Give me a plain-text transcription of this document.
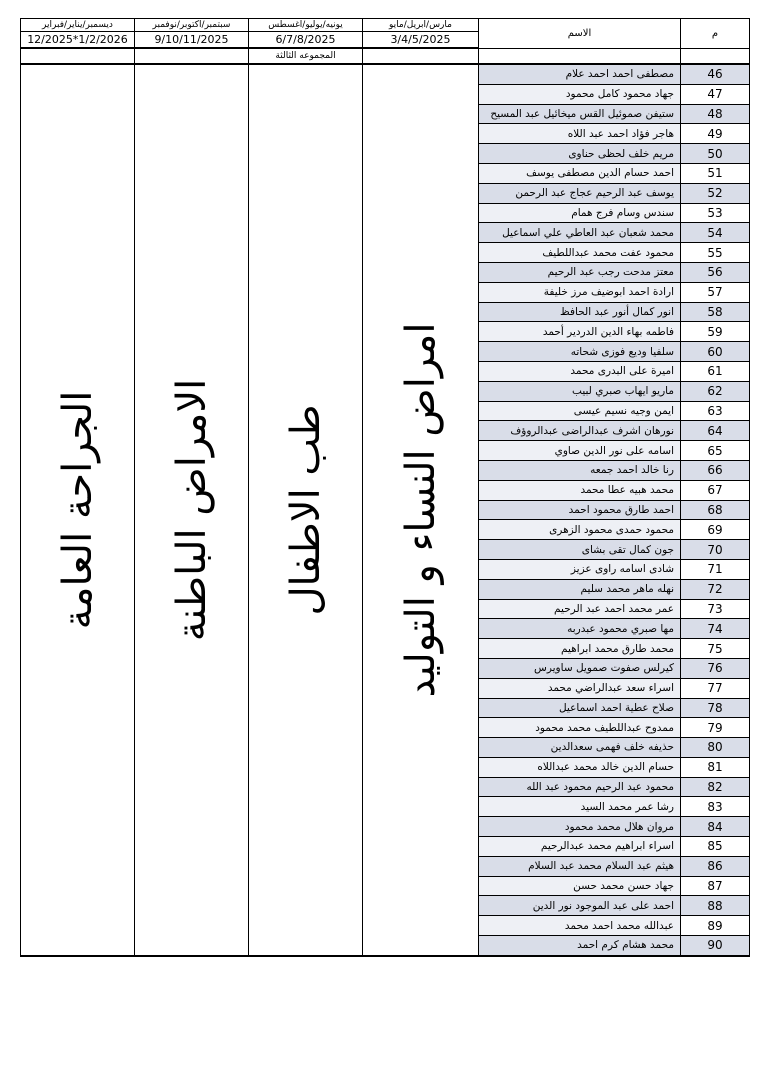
ديسمبر/يناير/فبراير	سبتمبر/اكتوبر/نوفمبر	يونيه/يوليو/اغسطس	مارس/ابريل/مايو	الاسم	م
12/2025*1/2/2026	9/10/11/2025	6/7/8/2025	3/4/5/2025		
		المجموعه الثالثة			

الجراحة العامة	الامراض الباطنة	طب الاطفال	امراض النساء و التوليد	مصطفى احمد احمد علام	46
				جهاد محمود كامل محمود	47
				ستيفن صموئيل القس ميخائيل عبد المسيح	48
				هاجر فؤاد احمد عبد اللاه	49
				مريم خلف لحظى حناوى	50
				احمد حسام الدين مصطفى يوسف	51
				يوسف عبد الرحيم عجاج عبد الرحمن	52
				سندس وسام فرج همام	53
				محمد شعبان عبد العاطي علي اسماعيل	54
				محمود عفت محمد عبداللطيف	55
				معتز مدحت رجب عبد الرحيم	56
				ارادة احمد ابوضيف مرز خليفة	57
				انور كمال أنور عبد الحافظ	58
				فاطمه بهاء الدين الدردير أحمد	59
				سلفيا وديع فوزى شحاته	60
				اميرة على البدرى محمد	61
				ماريو ايهاب صبري لبيب	62
				ايمن وجيه نسيم عيسى	63
				نورهان اشرف عبدالراضى عبدالروؤف	64
				اسامه على نور الدين صاوي	65
				رنا خالد احمد جمعه	66
				محمد هبيه عطا محمد	67
				احمد طارق محمود احمد	68
				محمود حمدى محمود الزهرى	69
				جون كمال تقى بشاى	70
				شادى اسامه راوى عزيز	71
				نهله ماهر محمد سليم	72
				عمر محمد احمد عبد الرحيم	73
				مها صبري محمود عبدربه	74
				محمد طارق محمد ابراهيم	75
				كيرلس صفوت صمويل ساويرس	76
				اسراء سعد عبدالراضي محمد	77
				صلاح عطية احمد اسماعيل	78
				ممدوح عبداللطيف محمد محمود	79
				حذيفه خلف فهمى سعدالدين	80
				حسام الدين خالد محمد عبداللاه	81
				محمود عبد الرحيم محمود عبد الله	82
				رشا عمر محمد السيد	83
				مروان هلال محمد محمود	84
				اسراء ابراهيم محمد عبدالرحيم	85
				هيثم عبد السلام محمد عبد السلام	86
				جهاد حسن محمد حسن	87
				احمد على عبد الموجود نور الدين	88
				عبدالله محمد احمد محمد	89
				محمد هشام كرم احمد	90
